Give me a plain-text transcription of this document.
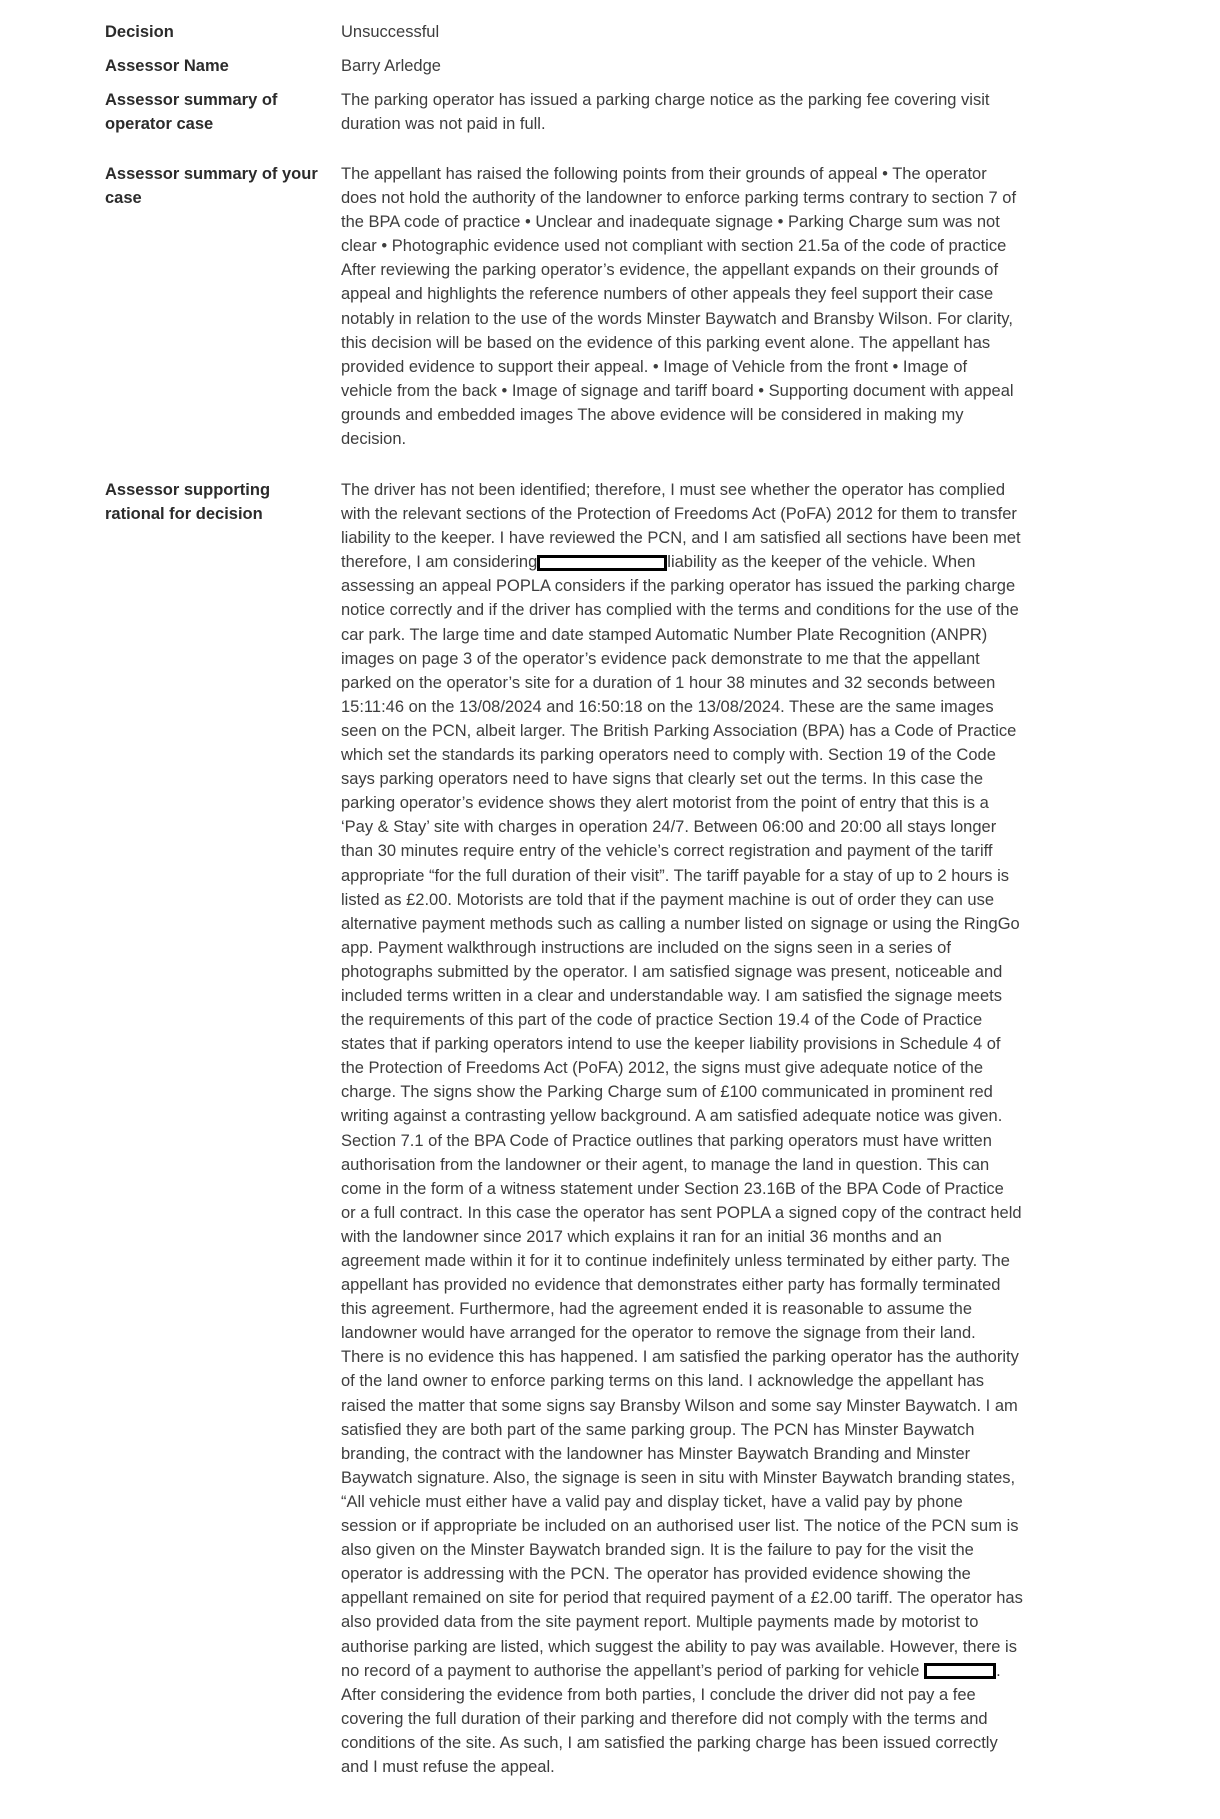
Decision	Unsuccessful
Assessor Name	Barry Arledge
Assessor summary of operator case
The parking operator has issued a parking charge notice as the parking fee covering visit duration was not paid in full.
Assessor summary of your case
The appellant has raised the following points from their grounds of appeal • The operator does not hold the authority of the landowner to enforce parking terms contrary to section 7 of the BPA code of practice • Unclear and inadequate signage • Parking Charge sum was not clear • Photographic evidence used not compliant with section 21.5a of the code of practice After reviewing the parking operator’s evidence, the appellant expands on their grounds of appeal and highlights the reference numbers of other appeals they feel support their case notably in relation to the use of the words Minster Baywatch and Bransby Wilson. For clarity, this decision will be based on the evidence of this parking event alone. The appellant has provided evidence to support their appeal. • Image of Vehicle from the front • Image of vehicle from the back • Image of signage and tariff board • Supporting document with appeal grounds and embedded images The above evidence will be considered in making my decision.
Assessor supporting rational for decision
The driver has not been identified; therefore, I must see whether the operator has complied with the relevant sections of the Protection of Freedoms Act (PoFA) 2012 for them to transfer liability to the keeper. I have reviewed the PCN, and I am satisfied all sections have been met therefore, I am considering	liability as the keeper of the vehicle. When assessing an appeal POPLA considers if the parking operator has issued the parking charge notice correctly and if the driver has complied with the terms and conditions for the use of the car park. The large time and date stamped Automatic Number Plate Recognition (ANPR) images on page 3 of the operator’s evidence pack demonstrate to me that the appellant parked on the operator’s site for a duration of 1 hour 38 minutes and 32 seconds between 15:11:46 on the 13/08/2024 and 16:50:18 on the 13/08/2024. These are the same images seen on the PCN, albeit larger. The British Parking Association (BPA) has a Code of Practice which set the standards its parking operators need to comply with. Section 19 of the Code says parking operators need to have signs that clearly set out the terms. In this case the parking operator’s evidence shows they alert motorist from the point of entry that this is a ‘Pay & Stay’ site with charges in operation 24/7. Between 06:00 and 20:00 all stays longer than 30 minutes require entry of the vehicle’s correct registration and payment of the tariff appropriate “for the full duration of their visit”. The tariff payable for a stay of up to 2 hours is listed as £2.00. Motorists are told that if the payment machine is out of order they can use alternative payment methods such as calling a number listed on signage or using the RingGo app. Payment walkthrough instructions are included on the signs seen in a series of photographs submitted by the operator. I am satisfied signage was present, noticeable and included terms written in a clear and understandable way. I am satisfied the signage meets the requirements of this part of the code of practice Section 19.4 of the Code of Practice states that if parking operators intend to use the keeper liability provisions in Schedule 4 of the Protection of Freedoms Act (PoFA) 2012, the signs must give adequate notice of the charge. The signs show the Parking Charge sum of £100 communicated in prominent red writing against a contrasting yellow background. A am satisfied adequate notice was given. Section 7.1 of the BPA Code of Practice outlines that parking operators must have written authorisation from the landowner or their agent, to manage the land in question. This can come in the form of a witness statement under Section 23.16B of the BPA Code of Practice or a full contract. In this case the operator has sent POPLA a signed copy of the contract held with the landowner since 2017 which explains it ran for an initial 36 months and an agreement made within it for it to continue indefinitely unless terminated by either party. The appellant has provided no evidence that demonstrates either party has formally terminated this agreement. Furthermore, had the agreement ended it is reasonable to assume the landowner would have arranged for the operator to remove the signage from their land. There is no evidence this has happened. I am satisfied the parking operator has the authority of the land owner to enforce parking terms on this land. I acknowledge the appellant has raised the matter that some signs say Bransby Wilson and some say Minster Baywatch. I am satisfied they are both part of the same parking group. The PCN has Minster Baywatch branding, the contract with the landowner has Minster Baywatch Branding and Minster Baywatch signature. Also, the signage is seen in situ with Minster Baywatch branding states, “All vehicle must either have a valid pay and display ticket, have a valid pay by phone session or if appropriate be included on an authorised user list. The notice of the PCN sum is also given on the Minster Baywatch branded sign. It is the failure to pay for the visit the operator is addressing with the PCN. The operator has provided evidence showing the appellant remained on site for period that required payment of a £2.00 tariff. The operator has also provided data from the site payment report. Multiple payments made by motorist to authorise parking are listed, which suggest the ability to pay was available. However, there is no record of a payment to authorise the appellant’s period of parking for vehicle	. After considering the evidence from both parties, I conclude the driver did not pay a fee covering the full duration of their parking and therefore did not comply with the terms and conditions of the site. As such, I am satisfied the parking charge has been issued correctly and I must refuse the appeal.
